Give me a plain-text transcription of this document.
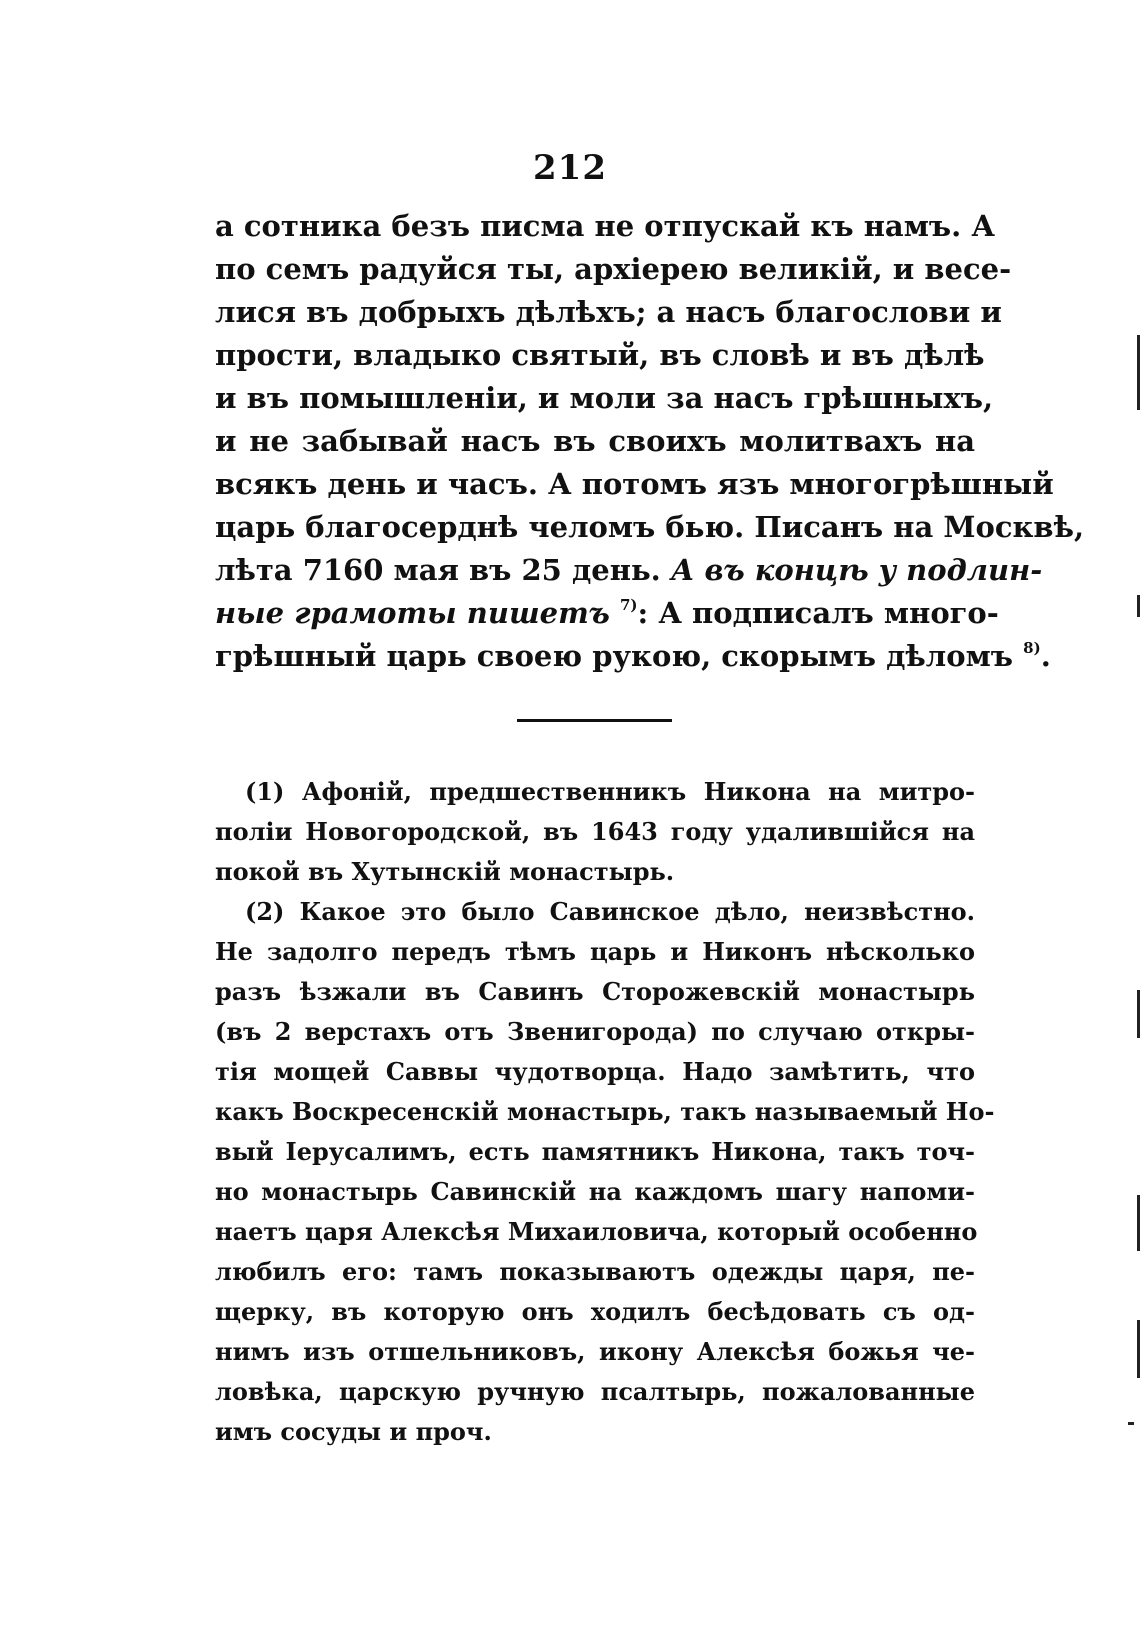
212
а сотника безъ писма не отпускай къ намъ. А
по семъ радуйся ты, архіерею великій, и весе-
лися въ добрыхъ дѣлѣхъ; а насъ благослови и
прости, владыко святый, въ словѣ и въ дѣлѣ
и въ помышленіи, и моли за насъ грѣшныхъ,
и не забывай насъ въ своихъ молитвахъ на
всякъ день и часъ. А потомъ язъ многогрѣшный
царь благосерднѣ челомъ бью. Писанъ на Москвѣ,
лѣта 7160 мая въ 25 день. А въ концѣ у подлин-
ные грамоты пишетъ $^{7)}$: А подписалъ много-
грѣшный царь своею рукою, скорымъ дѣломъ $^{8)}$.
(1) Афоній, предшественникъ Никона на митро-
поліи Новогородской, въ 1643 году удалившійся на
покой въ Хутынскій монастырь.
(2) Какое это было Савинское дѣло, неизвѣстно.
Не задолго передъ тѣмъ царь и Никонъ нѣсколько
разъ ѣзжали въ Савинъ Сторожевскій монастырь
(въ 2 верстахъ отъ Звенигорода) по случаю откры-
тія мощей Саввы чудотворца. Надо замѣтить, что
какъ Воскресенскій монастырь, такъ называемый Но-
вый Іерусалимъ, есть памятникъ Никона, такъ точ-
но монастырь Савинскій на каждомъ шагу напоми-
наетъ царя Алексѣя Михаиловича, который особенно
любилъ его: тамъ показываютъ одежды царя, пе-
щерку, въ которую онъ ходилъ бесѣдовать съ од-
нимъ изъ отшельниковъ, икону Алексѣя божья че-
ловѣка, царскую ручную псалтырь, пожалованные
имъ сосуды и проч.
